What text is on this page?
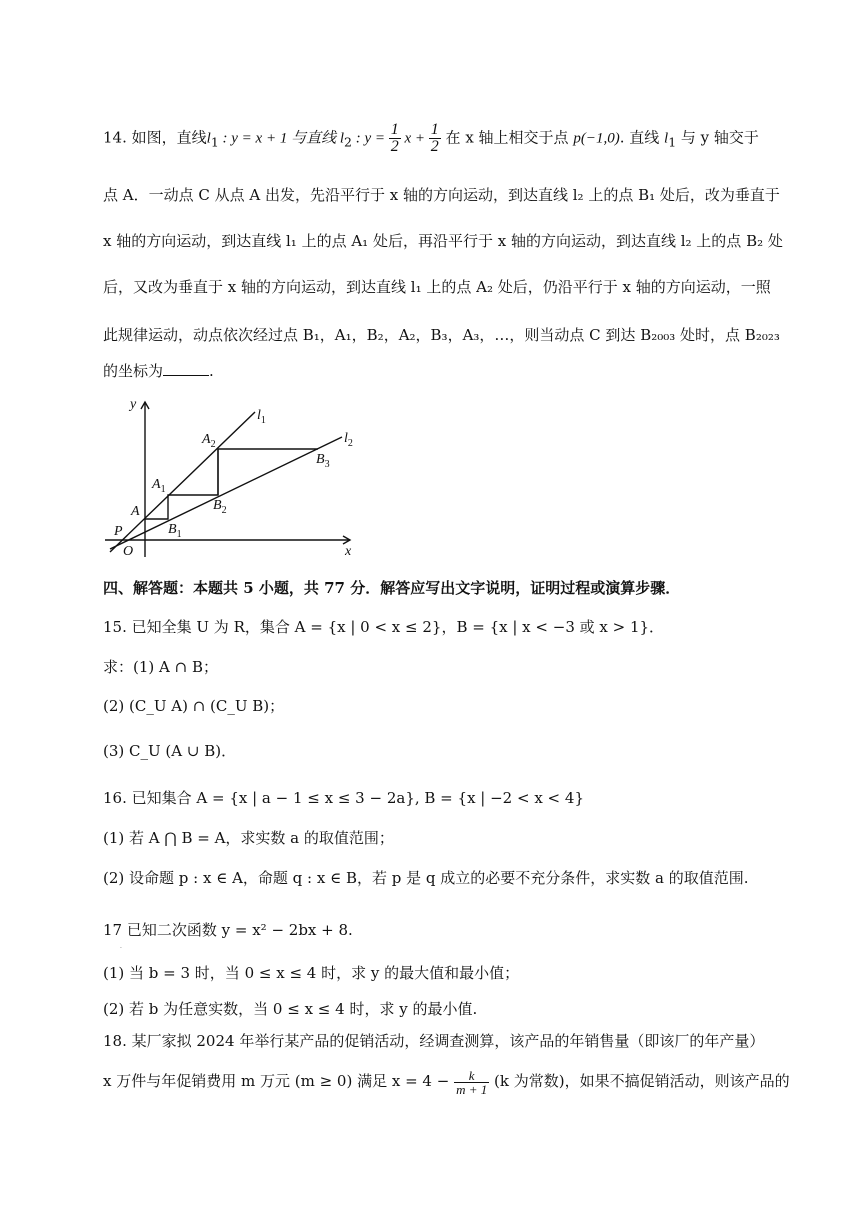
14. 如图，直线$l_1$ : y = x + 1 与直线 $l_2$ : $y = \frac{1}{2}$ $x + \frac{1}{2}$ 在 x 轴上相交于点 p(−1,0). 直线 $l_1$ 与 y 轴交于
点 A．一动点 C 从点 A 出发，先沿平行于 x 轴的方向运动，到达直线 l₂ 上的点 B₁ 处后，改为垂直于
x 轴的方向运动，到达直线 l₁ 上的点 A₁ 处后，再沿平行于 x 轴的方向运动，到达直线 l₂ 上的点 B₂ 处
后，又改为垂直于 x 轴的方向运动，到达直线 l₁ 上的点 A₂ 处后，仍沿平行于 x 轴的方向运动，一照
此规律运动，动点依次经过点 B₁，A₁，B₂，A₂，B₃，A₃，…，则当动点 C 到达 B₂₀₀₃ 处时，点 B₂₀₂₃
的坐标为	.
y
x
O
P
A
$A_1$
$A_2$
$B_1$
$B_2$
$B_3$
$l_1$
$l_2$
四、解答题：本题共 5 小题，共 77 分．解答应写出文字说明，证明过程或演算步骤．
15. 已知全集 U 为 R，集合 A = {x | 0 < x ≤ 2}，B = {x | x < −3 或 x > 1}．
求：(1) A ∩ B；
(2) (C_U A) ∩ (C_U B)；
(3) C_U (A ∪ B)．
16. 已知集合 A = {x | a − 1 ≤ x ≤ 3 − 2a}, B = {x | −2 < x < 4}
(1) 若 A ⋂ B = A，求实数 a 的取值范围；
(2) 设命题 p : x ∈ A，命题 q : x ∈ B，若 p 是 q 成立的必要不充分条件，求实数 a 的取值范围.
17 已知二次函数 y = x² − 2bx + 8.
.
(1) 当 b = 3 时，当 0 ≤ x ≤ 4 时，求 y 的最大值和最小值；
(2) 若 b 为任意实数，当 0 ≤ x ≤ 4 时，求 y 的最小值.
18. 某厂家拟 2024 年举行某产品的促销活动，经调查测算，该产品的年销售量（即该厂的年产量）
x 万件与年促销费用 m 万元 (m ≥ 0) 满足 $x = 4 - \frac{k}{m + 1} (k$ 为常数)，如果不搞促销活动，则该产品的
